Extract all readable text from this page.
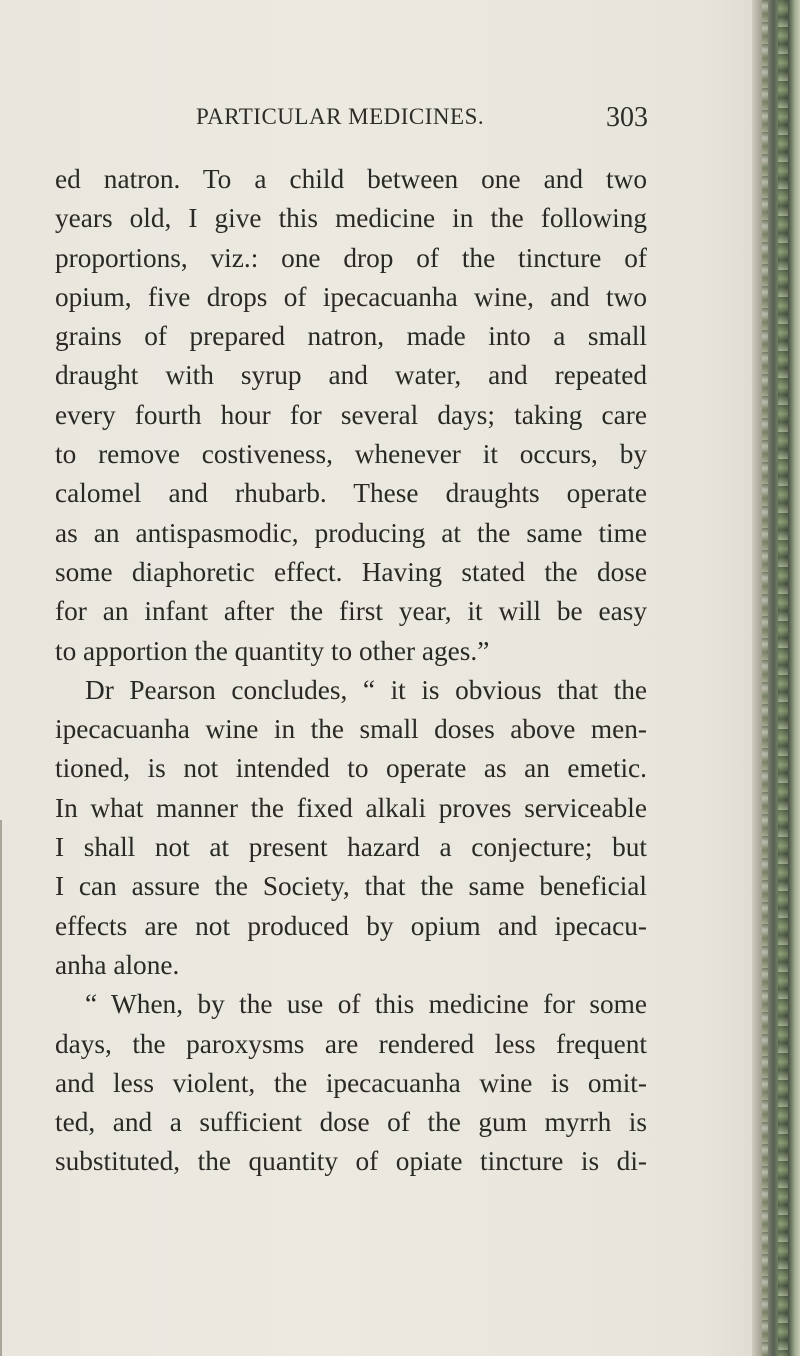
PARTICULAR MEDICINES.	303
ed natron. To a child between one and two
years old, I give this medicine in the following
proportions, viz.: one drop of the tincture of
opium, five drops of ipecacuanha wine, and two
grains of prepared natron, made into a small
draught with syrup and water, and repeated
every fourth hour for several days; taking care
to remove costiveness, whenever it occurs, by
calomel and rhubarb. These draughts operate
as an antispasmodic, producing at the same time
some diaphoretic effect. Having stated the dose
for an infant after the first year, it will be easy
to apportion the quantity to other ages.”
Dr Pearson concludes, “ it is obvious that the
ipecacuanha wine in the small doses above men-
tioned, is not intended to operate as an emetic.
In what manner the fixed alkali proves serviceable
I shall not at present hazard a conjecture; but
I can assure the Society, that the same beneficial
effects are not produced by opium and ipecacu-
anha alone.
“ When, by the use of this medicine for some
days, the paroxysms are rendered less frequent
and less violent, the ipecacuanha wine is omit-
ted, and a sufficient dose of the gum myrrh is
substituted, the quantity of opiate tincture is di-
